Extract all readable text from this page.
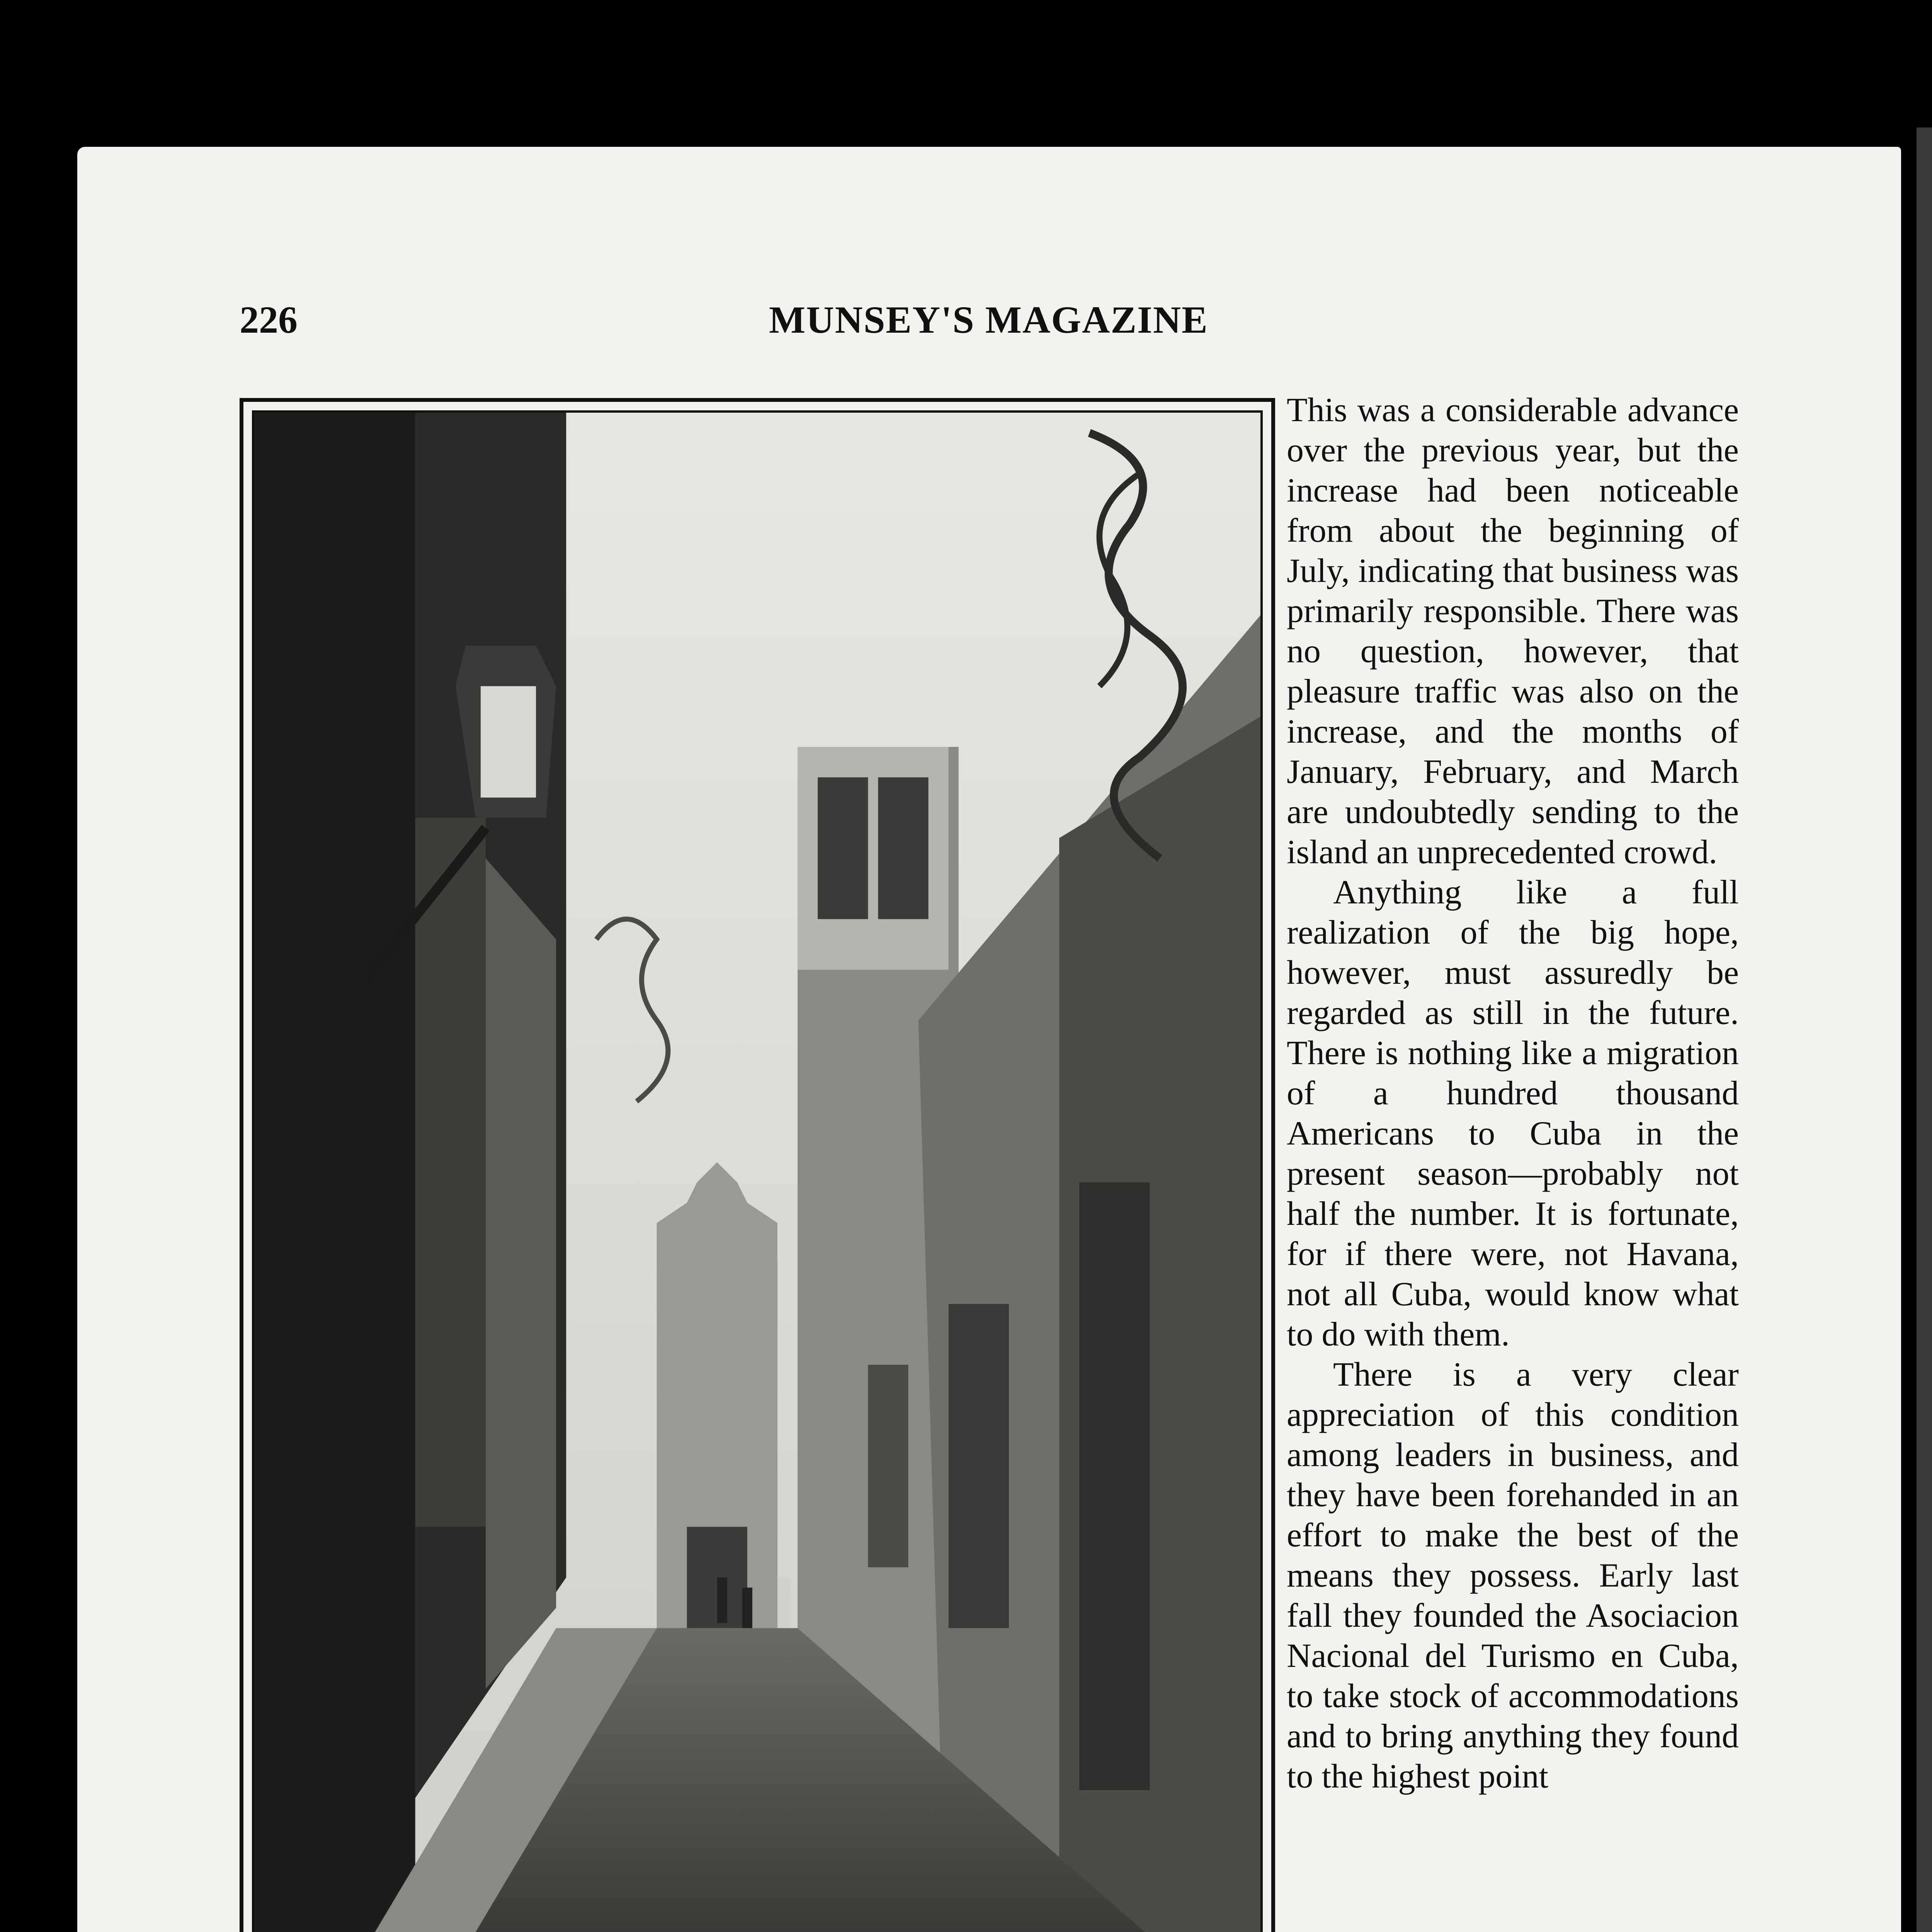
226	MUNSEY'S MAGAZINE

This was a considerable advance over the previous year, but the increase had been noticeable from about the beginning of July, indicating that business was primarily responsible. There was no question, however, that pleasure traffic was also on the increase, and the months of January, February, and March are undoubtedly sending to the island an unprecedented crowd.

Anything like a full realization of the big hope, however, must assuredly be regarded as still in the future. There is nothing like a migration of a hundred thousand Americans to Cuba in the present season—probably not half the number. It is fortunate, for if there were, not Havana, not all Cuba, would know what to do with them.

There is a very clear appreciation of this condition among leaders in business, and they have been forehanded in an effort to make the best of the means they possess. Early last fall they founded the Asociacion Nacional del Turismo en Cuba, to take stock of accommodations and to bring anything they found to the highest point
